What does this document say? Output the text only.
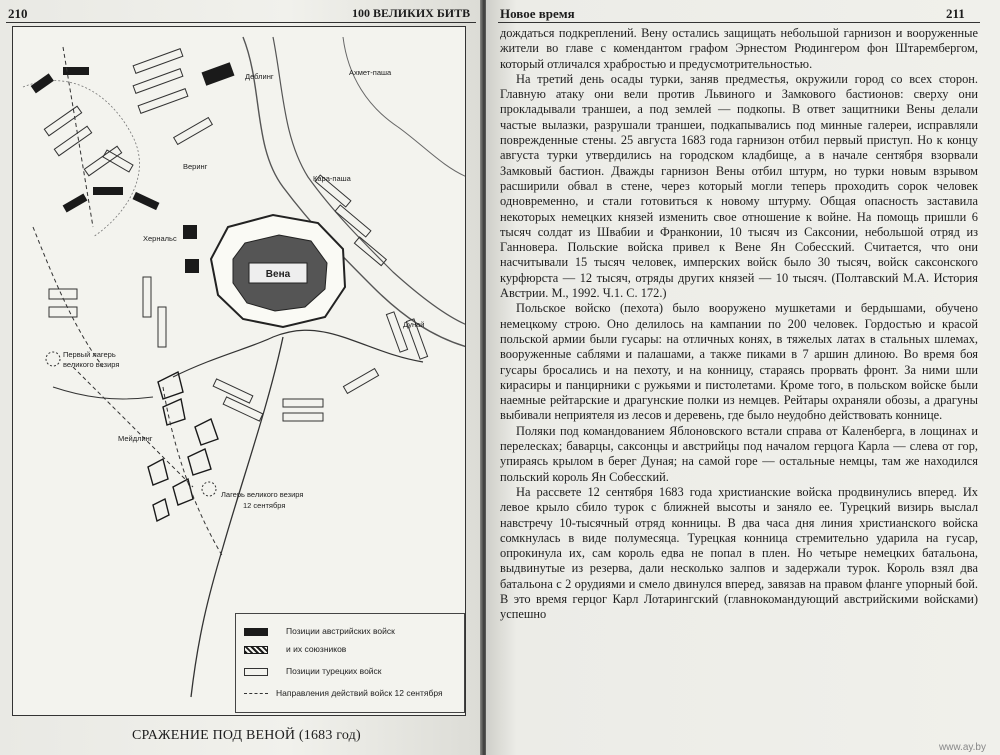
210	100 ВЕЛИКИХ БИТВ
Вена
Деблинг	Ахмет-паша
Веринг
Кара-паша
Хернальс
Дунай
Первый лагерь
великого везиря
Мейдлинг
Лагерь великого везиря
12 сентября
Позиции австрийских войск
и их союзников
Позиции турецких войск
Направления действий войск 12 сентября
СРАЖЕНИЕ ПОД ВЕНОЙ (1683 год)
Новое время	211

дождаться подкреплений. Вену остались защищать небольшой гарнизон и вооруженные жители во главе с комендантом графом Эрнестом Рюдингером фон Штарембергом, который отличался храбростью и предусмотрительностью.

На третий день осады турки, заняв предместья, окружили город со всех сторон. Главную атаку они вели против Львиного и Замкового бастионов: сверху они прокладывали траншеи, а под землей — подкопы. В ответ защитники Вены делали частые вылазки, разрушали траншеи, подкапывались под минные галереи, исправляли поврежденные стены. 25 августа 1683 года гарнизон отбил первый приступ. Но к концу августа турки утвердились на городском кладбище, а в начале сентября взорвали Замковый бастион. Дважды гарнизон Вены отбил штурм, но турки новым взрывом расширили обвал в стене, через который могли теперь проходить сорок человек одновременно, и стали готовиться к новому штурму. Общая опасность заставила некоторых немецких князей изменить свое отношение к войне. На помощь пришли 6 тысяч солдат из Швабии и Франконии, 10 тысяч из Саксонии, небольшой отряд из Ганновера. Польские войска привел к Вене Ян Собесский. Считается, что они насчитывали 15 тысяч человек, имперских войск было 30 тысяч, войск саксонского курфюрста — 12 тысяч, отряды других князей — 10 тысяч. (Полтавский М.А. История Австрии. М., 1992. Ч.1. С. 172.)

Польское войско (пехота) было вооружено мушкетами и бердышами, обучено немецкому строю. Оно делилось на кампании по 200 человек. Гордостью и красой польской армии были гусары: на отличных конях, в тяжелых латах в стальных шлемах, вооруженные саблями и палашами, а также пиками в 7 аршин длиною. Во время боя гусары бросались и на пехоту, и на конницу, стараясь прорвать фронт. За ними шли кирасиры и панцирники с ружьями и пистолетами. Кроме того, в польском войске были наемные рейтарские и драгунские полки из немцев. Рейтары охраняли обозы, а драгуны выбивали неприятеля из лесов и деревень, где было неудобно действовать коннице.

Поляки под командованием Яблоновского встали справа от Каленберга, в лощинах и перелесках; баварцы, саксонцы и австрийцы под началом герцога Карла — слева от гор, упираясь крылом в берег Дуная; на самой горе — остальные немцы, там же находился польский король Ян Собесский.

На рассвете 12 сентября 1683 года христианские войска продвинулись вперед. Их левое крыло сбило турок с ближней высоты и заняло ее. Турецкий визирь выслал навстречу 10-тысячный отряд конницы. В два часа дня линия христианского войска сомкнулась в виде полумесяца. Турецкая конница стремительно ударила на гусар, опрокинула их, сам король едва не попал в плен. Но четыре немецких батальона, выдвинутые из резерва, дали несколько залпов и задержали турок. Король взял два батальона с 2 орудиями и смело двинулся вперед, завязав на правом фланге упорный бой. В это время герцог Карл Лотарингский (главнокомандующий австрийскими войсками) успешно

www.ay.by
